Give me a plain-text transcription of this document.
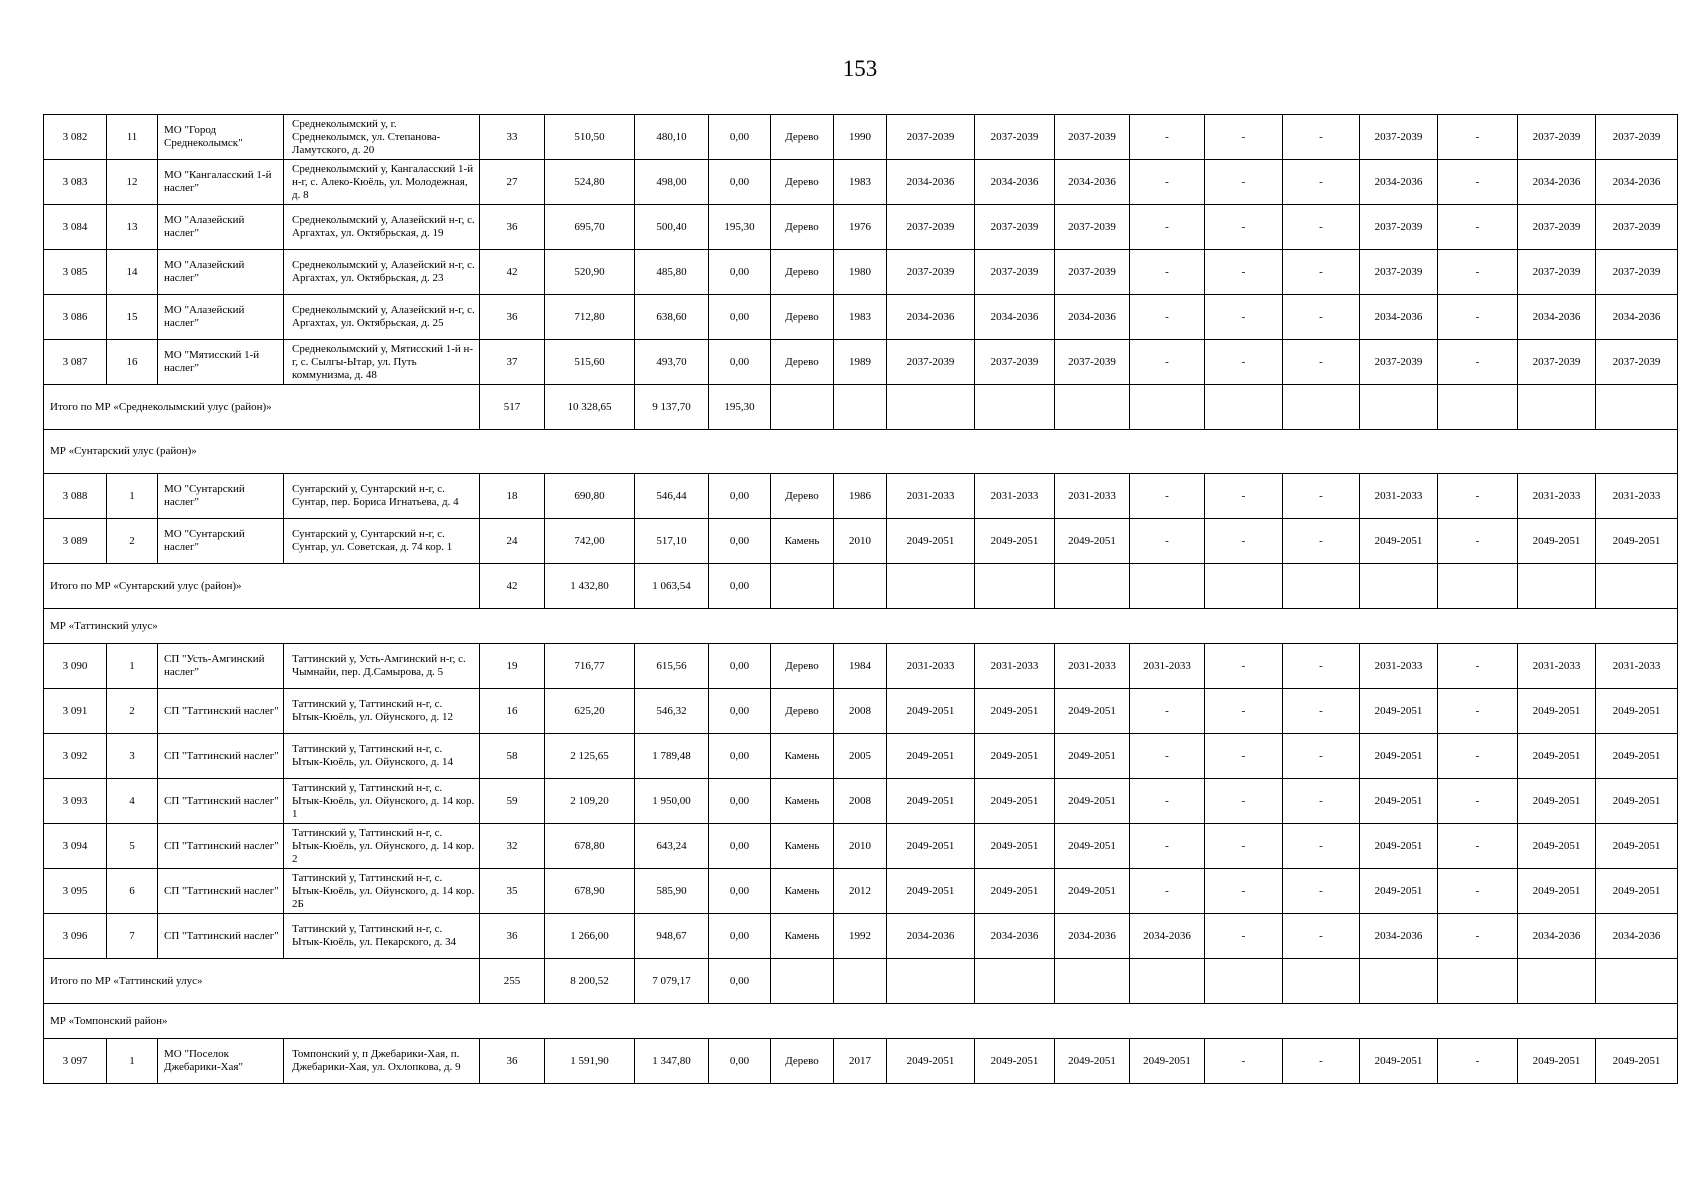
153
3 082	11	МО "Город Среднеколымск"	Среднеколымский у, г. Среднеколымск, ул. Степанова-Ламутского, д. 20	33	510,50	480,10	0,00	Дерево	1990	2037-2039	2037-2039	2037-2039	-	-	-	2037-2039	-	2037-2039	2037-2039
3 083	12	МО "Кангаласский 1-й наслег"	Среднеколымский у, Кангаласский 1-й н-г, с. Алеко-Кюёль, ул. Молодежная, д. 8	27	524,80	498,00	0,00	Дерево	1983	2034-2036	2034-2036	2034-2036	-	-	-	2034-2036	-	2034-2036	2034-2036
3 084	13	МО "Алазейский наслег"	Среднеколымский у, Алазейский н-г, с. Аргахтах, ул. Октябрьская, д. 19	36	695,70	500,40	195,30	Дерево	1976	2037-2039	2037-2039	2037-2039	-	-	-	2037-2039	-	2037-2039	2037-2039
3 085	14	МО "Алазейский наслег"	Среднеколымский у, Алазейский н-г, с. Аргахтах, ул. Октябрьская, д. 23	42	520,90	485,80	0,00	Дерево	1980	2037-2039	2037-2039	2037-2039	-	-	-	2037-2039	-	2037-2039	2037-2039
3 086	15	МО "Алазейский наслег"	Среднеколымский у, Алазейский н-г, с. Аргахтах, ул. Октябрьская, д. 25	36	712,80	638,60	0,00	Дерево	1983	2034-2036	2034-2036	2034-2036	-	-	-	2034-2036	-	2034-2036	2034-2036
3 087	16	МО "Мятисский 1-й наслег"	Среднеколымский у, Мятисский 1-й н-г, с. Сылгы-Ытар, ул. Путь коммунизма, д. 48	37	515,60	493,70	0,00	Дерево	1989	2037-2039	2037-2039	2037-2039	-	-	-	2037-2039	-	2037-2039	2037-2039
Итого по МР «Среднеколымский улус (район)»				517	10 328,65	9 137,70	195,30												
МР «Сунтарский улус (район)»																			
3 088	1	МО "Сунтарский наслег"	Сунтарский у, Сунтарский н-г, с. Сунтар, пер. Бориса Игнатьева, д. 4	18	690,80	546,44	0,00	Дерево	1986	2031-2033	2031-2033	2031-2033	-	-	-	2031-2033	-	2031-2033	2031-2033
3 089	2	МО "Сунтарский наслег"	Сунтарский у, Сунтарский н-г, с. Сунтар, ул. Советская, д. 74 кор. 1	24	742,00	517,10	0,00	Камень	2010	2049-2051	2049-2051	2049-2051	-	-	-	2049-2051	-	2049-2051	2049-2051
Итого по МР «Сунтарский улус (район)»				42	1 432,80	1 063,54	0,00												
МР «Таттинский улус»																			
3 090	1	СП "Усть-Амгинский наслег"	Таттинский у, Усть-Амгинский н-г, с. Чымнайи, пер. Д.Самырова, д. 5	19	716,77	615,56	0,00	Дерево	1984	2031-2033	2031-2033	2031-2033	2031-2033	-	-	2031-2033	-	2031-2033	2031-2033
3 091	2	СП "Таттинский наслег"	Таттинский у, Таттинский н-г, с. Ытык-Кюёль, ул. Ойунского, д. 12	16	625,20	546,32	0,00	Дерево	2008	2049-2051	2049-2051	2049-2051	-	-	-	2049-2051	-	2049-2051	2049-2051
3 092	3	СП "Таттинский наслег"	Таттинский у, Таттинский н-г, с. Ытык-Кюёль, ул. Ойунского, д. 14	58	2 125,65	1 789,48	0,00	Камень	2005	2049-2051	2049-2051	2049-2051	-	-	-	2049-2051	-	2049-2051	2049-2051
3 093	4	СП "Таттинский наслег"	Таттинский у, Таттинский н-г, с. Ытык-Кюёль, ул. Ойунского, д. 14 кор. 1	59	2 109,20	1 950,00	0,00	Камень	2008	2049-2051	2049-2051	2049-2051	-	-	-	2049-2051	-	2049-2051	2049-2051
3 094	5	СП "Таттинский наслег"	Таттинский у, Таттинский н-г, с. Ытык-Кюёль, ул. Ойунского, д. 14 кор. 2	32	678,80	643,24	0,00	Камень	2010	2049-2051	2049-2051	2049-2051	-	-	-	2049-2051	-	2049-2051	2049-2051
3 095	6	СП "Таттинский наслег"	Таттинский у, Таттинский н-г, с. Ытык-Кюёль, ул. Ойунского, д. 14 кор. 2Б	35	678,90	585,90	0,00	Камень	2012	2049-2051	2049-2051	2049-2051	-	-	-	2049-2051	-	2049-2051	2049-2051
3 096	7	СП "Таттинский наслег"	Таттинский у, Таттинский н-г, с. Ытык-Кюёль, ул. Пекарского, д. 34	36	1 266,00	948,67	0,00	Камень	1992	2034-2036	2034-2036	2034-2036	2034-2036	-	-	2034-2036	-	2034-2036	2034-2036
Итого по МР «Таттинский улус»				255	8 200,52	7 079,17	0,00												
МР «Томпонский район»																			
3 097	1	МО "Поселок Джебарики-Хая"	Томпонский у, п Джебарики-Хая, п. Джебарики-Хая, ул. Охлопкова, д. 9	36	1 591,90	1 347,80	0,00	Дерево	2017	2049-2051	2049-2051	2049-2051	2049-2051	-	-	2049-2051	-	2049-2051	2049-2051
